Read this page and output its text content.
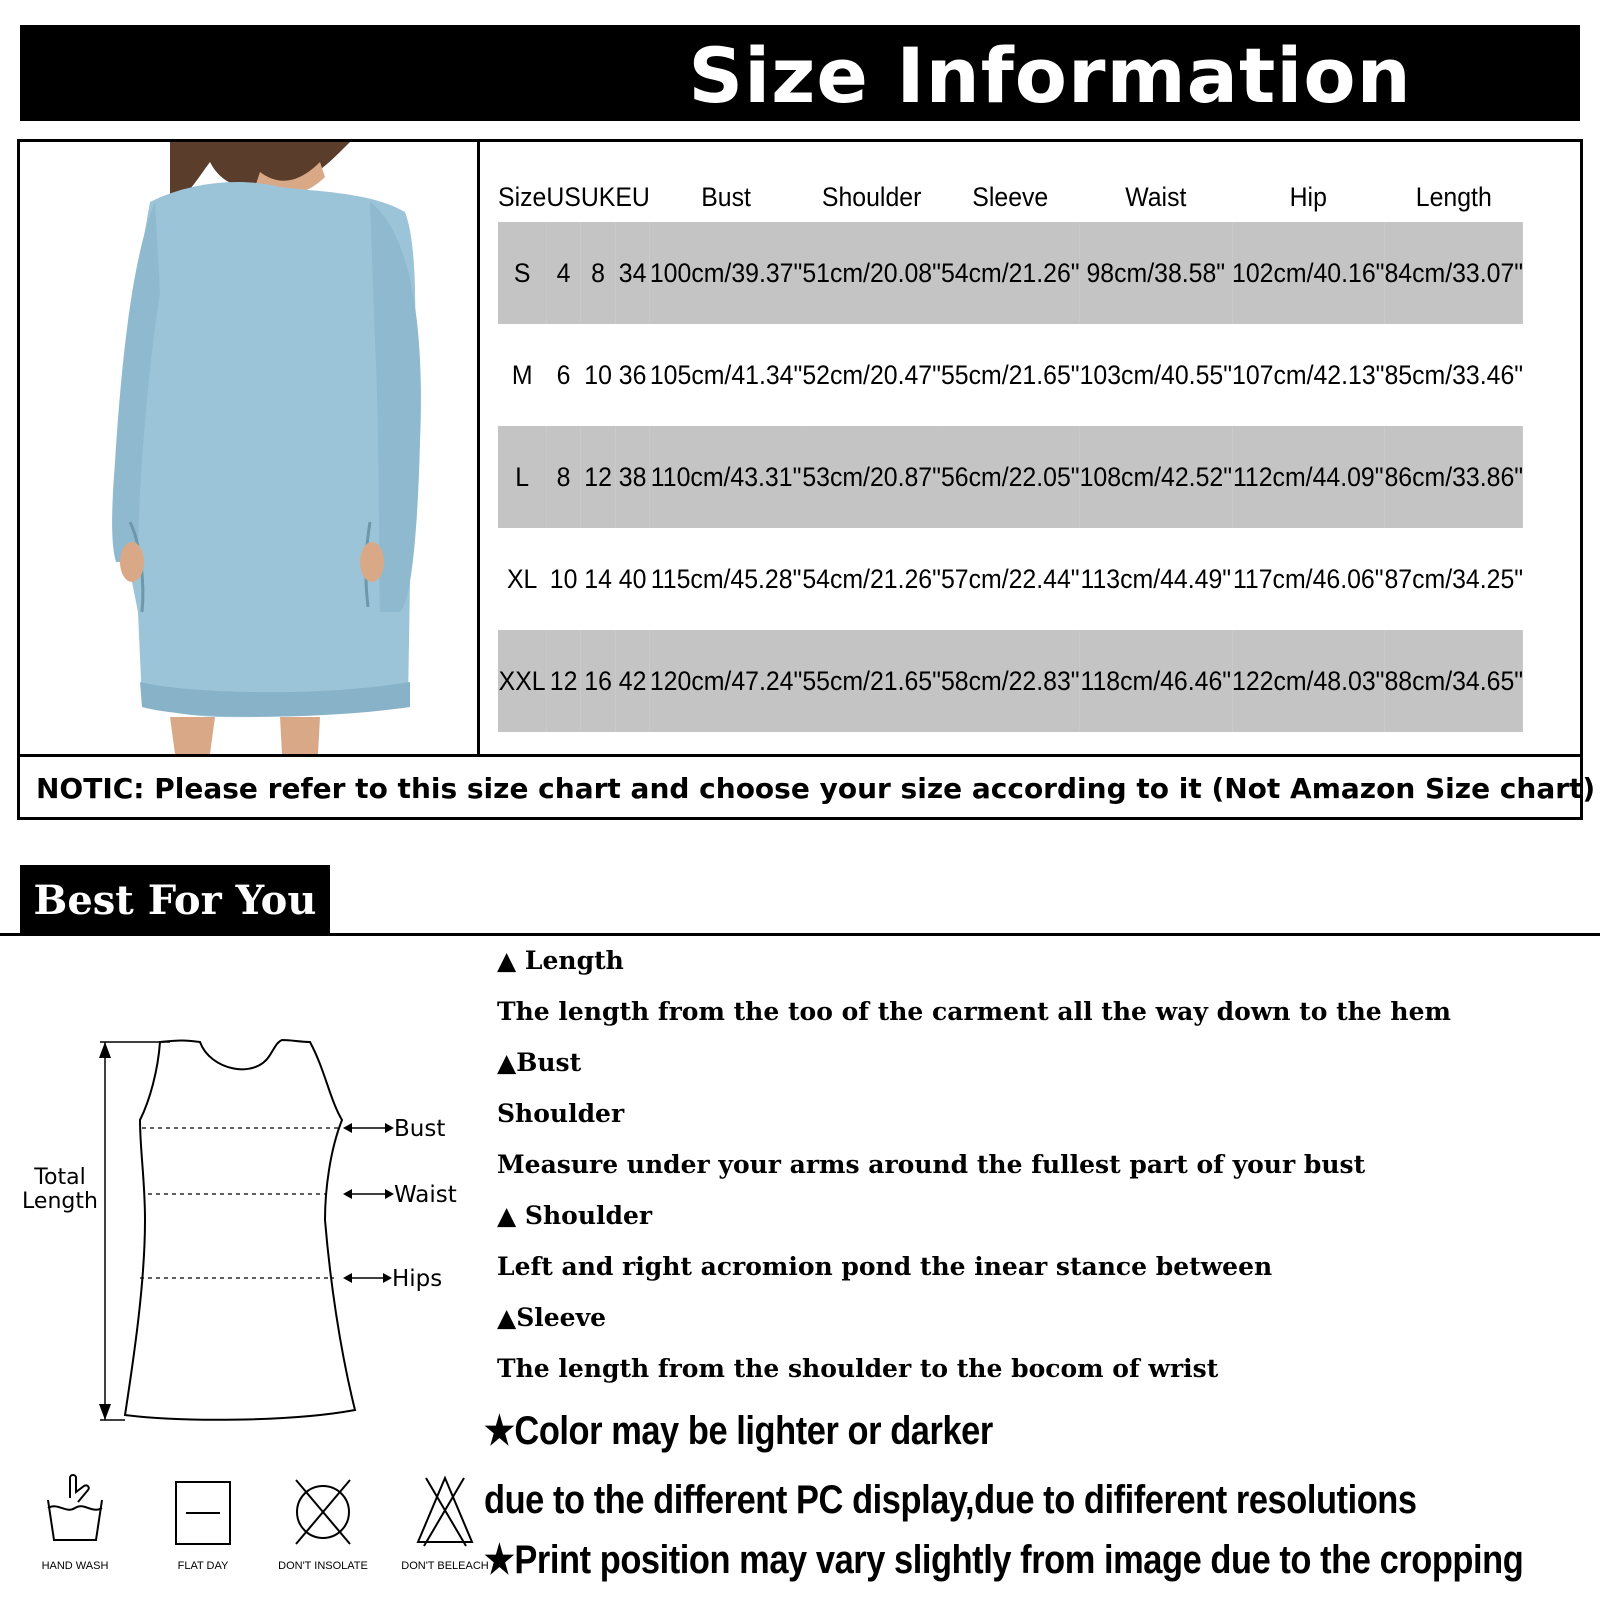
Size Information
Size	US	UK	EU	Bust	Shoulder	Sleeve	Waist	Hip	Length
S	4	8	34	100cm/39.37"	51cm/20.08"	54cm/21.26"	98cm/38.58"	102cm/40.16"	84cm/33.07"
M	6	10	36	105cm/41.34"	52cm/20.47"	55cm/21.65"	103cm/40.55"	107cm/42.13"	85cm/33.46"
L	8	12	38	110cm/43.31"	53cm/20.87"	56cm/22.05"	108cm/42.52"	112cm/44.09"	86cm/33.86"
XL	10	14	40	115cm/45.28"	54cm/21.26"	57cm/22.44"	113cm/44.49"	117cm/46.06"	87cm/34.25"
XXL	12	16	42	120cm/47.24"	55cm/21.65"	58cm/22.83"	118cm/46.46"	122cm/48.03"	88cm/34.65"
NOTIC: Please refer to this size chart and choose your size according to it (Not Amazon Size chart)
Best For You
Total
Length
Bust
Waist
Hips
HAND WASH	FLAT DAY	DON'T INSOLATE	DON'T BELEACH
▲ Length
The length from the too of the carment all the way down to the hem
▲Bust
Shoulder
Measure under your arms around the fullest part of your bust
▲ Shoulder
Left and right acromion pond the inear stance between
▲Sleeve
The length from the shoulder to the bocom of wrist
★Color may be lighter or darker
due to the different PC display,due to dififerent resolutions
★Print position may vary slightly from image due to the cropping
